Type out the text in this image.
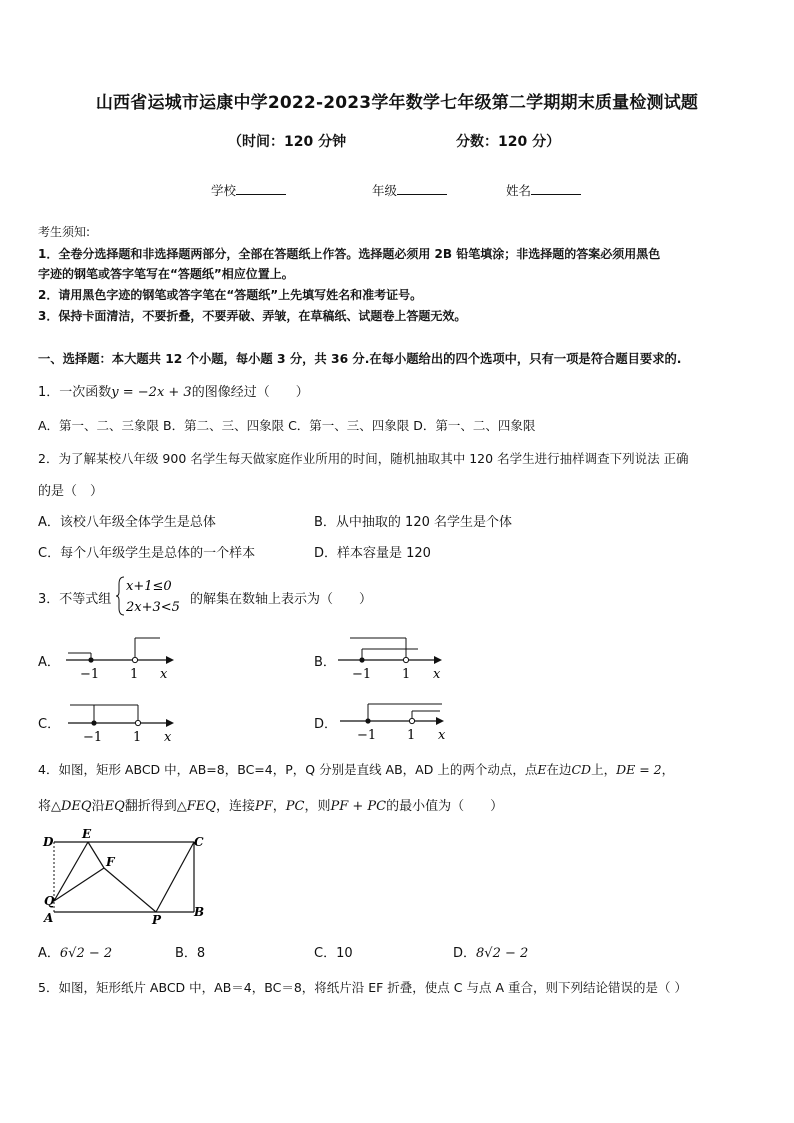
山西省运城市运康中学2022-2023学年数学七年级第二学期期末质量检测试题
（时间：120 分钟	分数：120 分）
学校	年级	姓名
考生须知:
1．全卷分选择题和非选择题两部分，全部在答题纸上作答。选择题必须用 2B 铅笔填涂；非选择题的答案必须用黑色
字迹的钢笔或答字笔写在“答题纸”相应位置上。
2．请用黑色字迹的钢笔或答字笔在“答题纸”上先填写姓名和准考证号。
3．保持卡面清洁，不要折叠，不要弄破、弄皱，在草稿纸、试题卷上答题无效。
一、选择题：本大题共 12 个小题，每小题 3 分，共 36 分.在每小题给出的四个选项中，只有一项是符合题目要求的.
1．一次函数y = −2x + 3的图像经过（　　）
A．第一、二、三象限 B．第二、三、四象限 C．第一、三、四象限 D．第一、二、四象限
2．为了解某校八年级 900 名学生每天做家庭作业所用的时间，随机抽取其中 120 名学生进行抽样调查下列说法 正确
的是（　）
A．该校八年级全体学生是总体	B．从中抽取的 120 名学生是个体
C．每个八年级学生是总体的一个样本	D．样本容量是 120
3．不等式组
x+1≤0
2x+3<5
的解集在数轴上表示为（　　）
A．
−1 1 x
B．
−1 1 x
C．
−1 1 x
D．
−1 1 x
4．如图，矩形 ABCD 中，AB=8，BC=4，P，Q 分别是直线 AB，AD 上的两个动点，点E在边CD上，DE = 2，
将△DEQ沿EQ翻折得到△FEQ，连接PF，PC，则PF + PC的最小值为（　　）
D
E
C
F
Q
A	P
B
A．6√2 − 2	B．8	C．10	D．8√2 − 2
5．如图，矩形纸片 ABCD 中，AB＝4，BC＝8，将纸片沿 EF 折叠，使点 C 与点 A 重合，则下列结论错误的是（ ）
